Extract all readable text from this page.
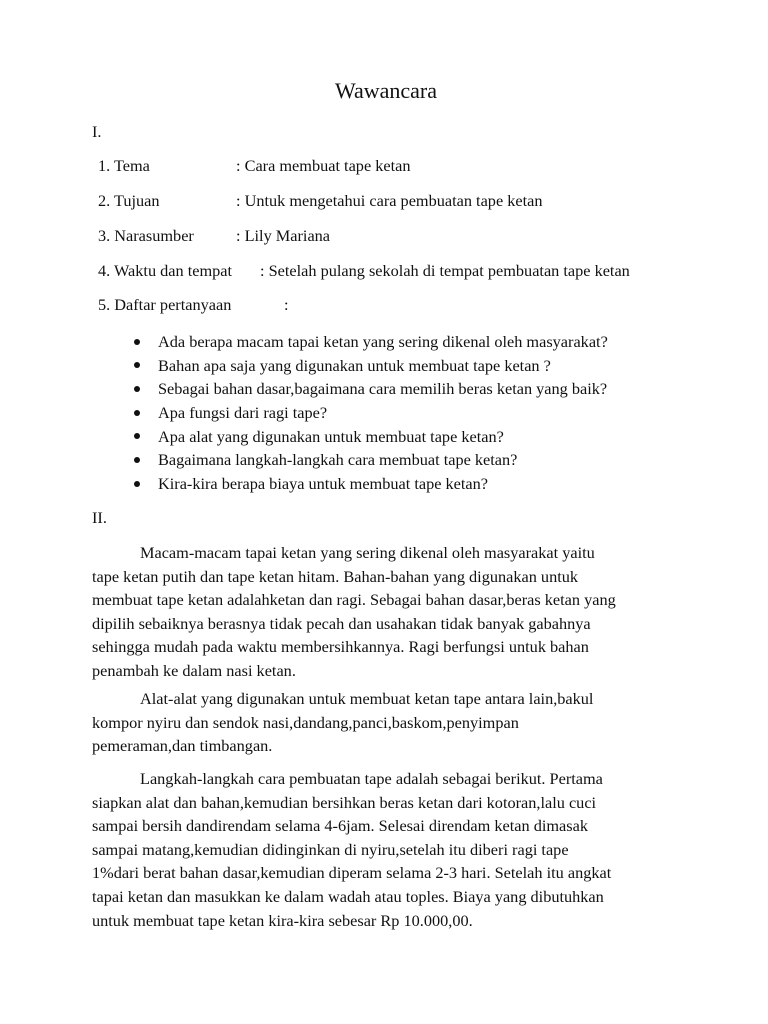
Wawancara
I.
1. Tema	: Cara membuat tape ketan
2. Tujuan	: Untuk mengetahui cara pembuatan tape ketan
3. Narasumber	: Lily Mariana
4. Waktu dan tempat : Setelah pulang sekolah di tempat pembuatan tape ketan
5. Daftar pertanyaan	:
Ada berapa macam tapai ketan yang sering dikenal oleh masyarakat?
Bahan apa saja yang digunakan untuk membuat tape ketan ?
Sebagai bahan dasar,bagaimana cara memilih beras ketan yang baik?
Apa fungsi dari ragi tape?
Apa alat yang digunakan untuk membuat tape ketan?
Bagaimana langkah-langkah cara membuat tape ketan?
Kira-kira berapa biaya untuk membuat tape ketan?
II.
Macam-macam tapai ketan yang sering dikenal oleh masyarakat yaitu
tape ketan putih dan tape ketan hitam. Bahan-bahan yang digunakan untuk
membuat tape ketan adalahketan dan ragi. Sebagai bahan dasar,beras ketan yang
dipilih sebaiknya berasnya tidak pecah dan usahakan tidak banyak gabahnya
sehingga mudah pada waktu membersihkannya. Ragi berfungsi untuk bahan
penambah ke dalam nasi ketan.
Alat-alat yang digunakan untuk membuat ketan tape antara lain,bakul
kompor nyiru dan sendok nasi,dandang,panci,baskom,penyimpan
pemeraman,dan timbangan.
Langkah-langkah cara pembuatan tape adalah sebagai berikut. Pertama
siapkan alat dan bahan,kemudian bersihkan beras ketan dari kotoran,lalu cuci
sampai bersih dandirendam selama 4-6jam. Selesai direndam ketan dimasak
sampai matang,kemudian didinginkan di nyiru,setelah itu diberi ragi tape
1%dari berat bahan dasar,kemudian diperam selama 2-3 hari. Setelah itu angkat
tapai ketan dan masukkan ke dalam wadah atau toples. Biaya yang dibutuhkan
untuk membuat tape ketan kira-kira sebesar Rp 10.000,00.
